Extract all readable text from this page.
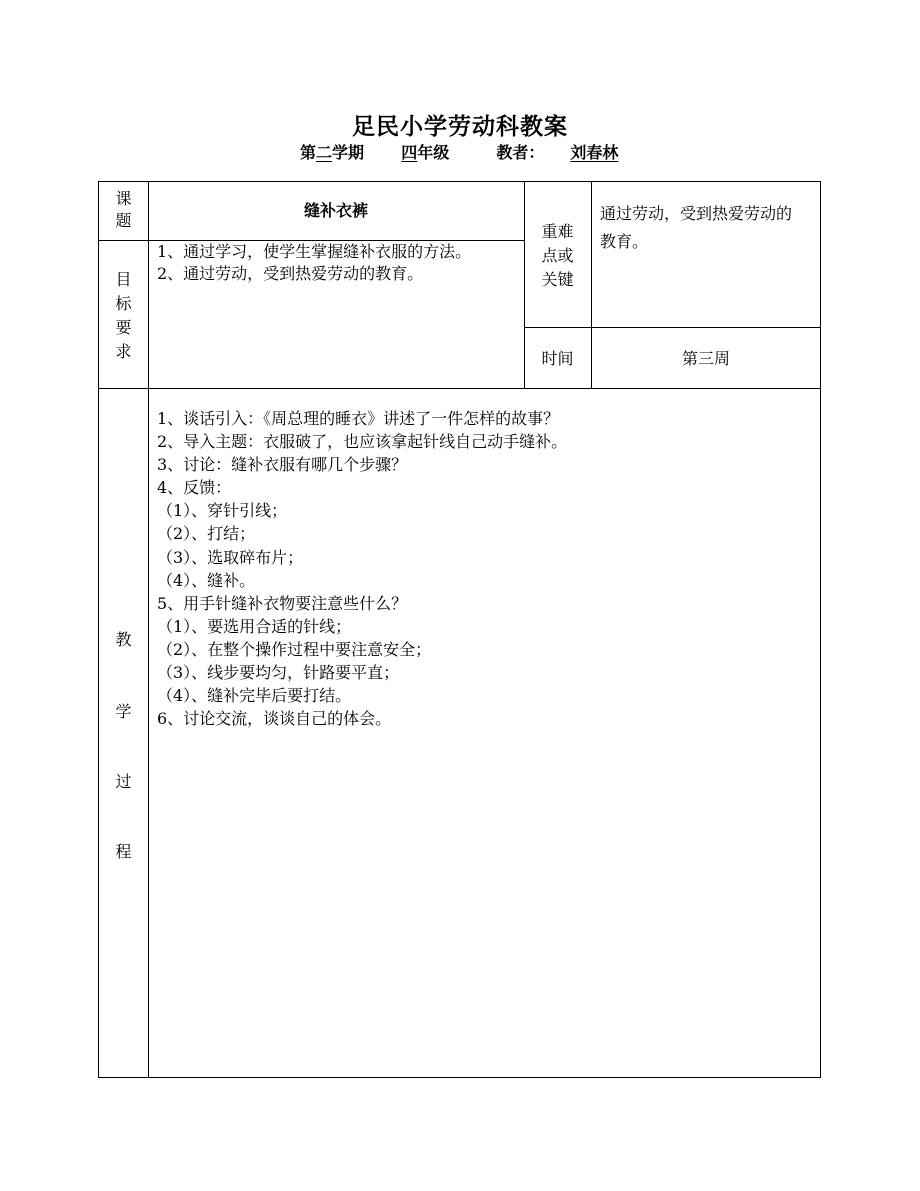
足民小学劳动科教案
第二学期 四年级	教者： 刘春林
课
题
缝补衣裤
目
标
要
求
1、通过学习，使学生掌握缝补衣服的方法。
2、通过劳动，受到热爱劳动的教育。
重难
点或
关键
通过劳动，受到热爱劳动的教育。
时间	第三周
教
学
过
程
1、谈话引入：《周总理的睡衣》讲述了一件怎样的故事？
2、导入主题：衣服破了，也应该拿起针线自己动手缝补。
3、讨论：缝补衣服有哪几个步骤？
4、反馈：
（1）、穿针引线；
（2）、打结；
（3）、选取碎布片；
（4）、缝补。
5、用手针缝补衣物要注意些什么？
（1）、要选用合适的针线；
（2）、在整个操作过程中要注意安全；
（3）、线步要均匀，针路要平直；
（4）、缝补完毕后要打结。
6、讨论交流，谈谈自己的体会。
